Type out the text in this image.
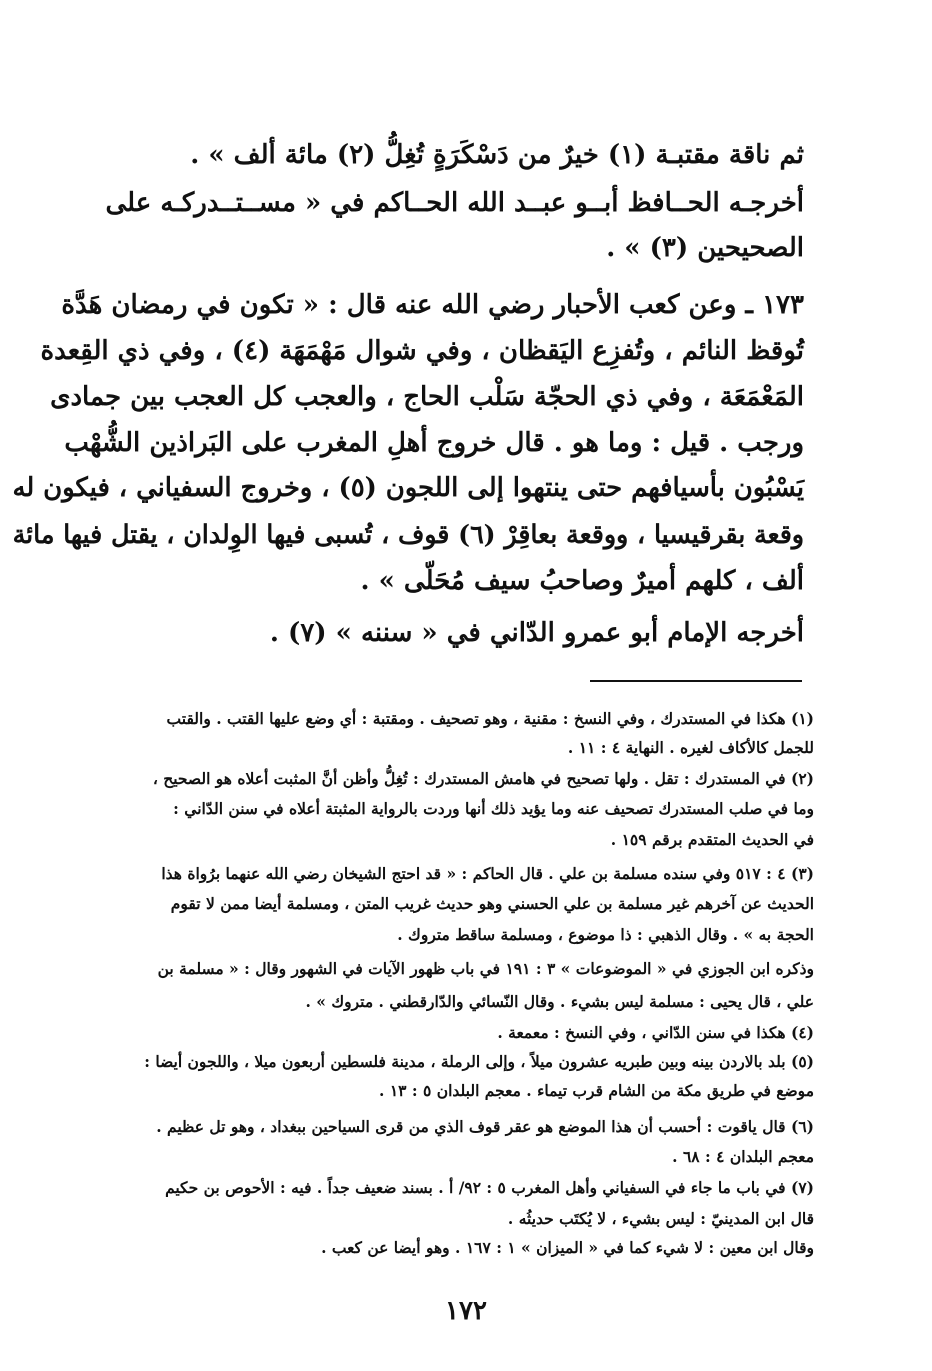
ثم ناقة مقتبـة (١) خيرٌ من دَسْكَرَةٍ تُغِلُّ (٢) مائة ألف » .
أخرجـه الحــافظ أبــو عبــد الله الحــاكم في « مســتــدركـه على
الصحيحين (٣) » .
١٧٣ ـ وعن كعب الأحبار رضي الله عنه قال : « تكون في رمضان هَدَّة
تُوقظ النائم ، وتُفزِع اليَقظان ، وفي شوال مَهْمَهَة (٤) ، وفي ذي القِعدة
المَعْمَعَة ، وفي ذي الحجّة سَلْب الحاج ، والعجب كل العجب بين جمادى
ورجب . قيل : وما هو . قال خروج أهلِ المغرب على البَراذين الشُّهْب
يَسْبُون بأسيافهم حتى ينتهوا إلى اللجون (٥) ، وخروج السفياني ، فيكون له
وقعة بقرقيسيا ، ووقعة بعاقِرْ (٦) قوف ، تُسبى فيها الوِلدان ، يقتل فيها مائة
ألف ، كلهم أميرٌ وصاحبُ سيف مُحَلّى » .
أخرجه الإمام أبو عمرو الدّاني في « سننه » (٧) .
(١) هكذا في المستدرك ، وفي النسخ : مقنية ، وهو تصحيف . ومقتبة : أي وضع عليها القتب . والقتب
للجمل كالأكاف لغيره . النهاية ٤ : ١١ .
(٢) في المستدرك : تقل . ولها تصحيح في هامش المستدرك : تُغِلُّ وأظن أنَّ المثبت أعلاه هو الصحيح ،
وما في صلب المستدرك تصحيف عنه وما يؤيد ذلك أنها وردت بالرواية المثبتة أعلاه في سنن الدّاني :
في الحديث المتقدم برقم ١٥٩ .
(٣) ٤ : ٥١٧ وفي سنده مسلمة بن علي . قال الحاكم : « قد احتج الشيخان رضي الله عنهما برُواة هذا
الحديث عن آخرهم غير مسلمة بن علي الحسني وهو حديث غريب المتن ، ومسلمة أيضا ممن لا تقوم
الحجة به » . وقال الذهبي : ذا موضوع ، ومسلمة ساقط متروك .
وذكره ابن الجوزي في « الموضوعات » ٣ : ١٩١ في باب ظهور الآيات في الشهور وقال : « مسلمة بن
علي ، قال يحيى : مسلمة ليس بشيء . وقال النّسائي والدّارقطني . متروك » .
(٤) هكذا في سنن الدّاني ، وفي النسخ : معمعة .
(٥) بلد بالاردن بينه وبين طبريه عشرون ميلاً ، وإلى الرملة ، مدينة فلسطين أربعون ميلا ، واللجون أيضا :
موضع في طريق مكة من الشام قرب تيماء . معجم البلدان ٥ : ١٣ .
(٦) قال ياقوت : أحسب أن هذا الموضع هو عقر قوف الذي من قرى السياحين ببغداد ، وهو تل عظيم .
معجم البلدان ٤ : ٦٨ .
(٧) في باب ما جاء في السفياني وأهل المغرب ٥ : ٩٢/ أ . بسند ضعيف جداً . فيه : الأحوص بن حكيم
قال ابن المدينيّ : ليس بشيء ، لا يُكتَب حديثُه .
وقال ابن معين : لا شيء كما في « الميزان » ١ : ١٦٧ . وهو أيضا عن كعب .
١٧٢
